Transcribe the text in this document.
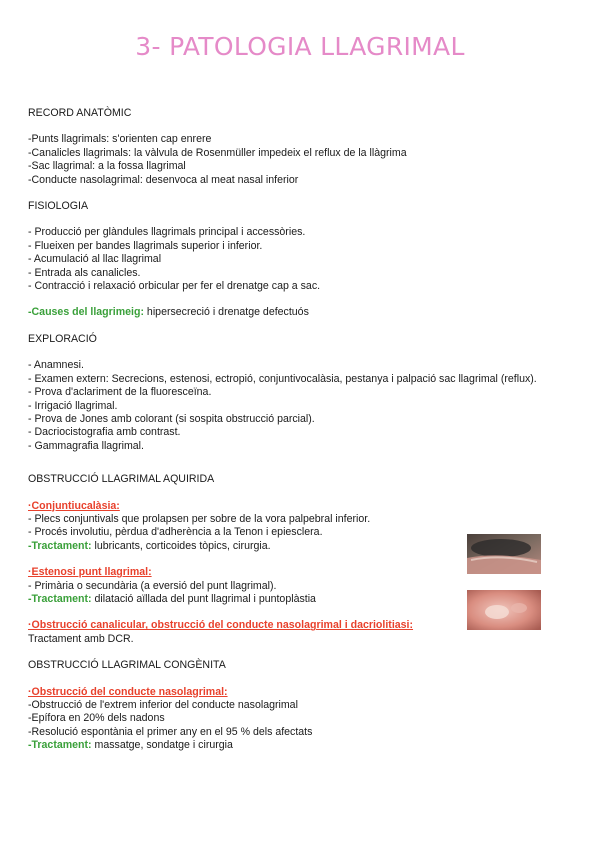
3- PATOLOGIA LLAGRIMAL

RECORD ANATÒMIC

-Punts llagrimals: s'orienten cap enrere

-Canalicles llagrimals: la vàlvula de Rosenmüller impedeix el reflux de la llàgrima

-Sac llagrimal: a la fossa llagrimal

-Conducte nasolagrimal: desenvoca al meat nasal inferior

FISIOLOGIA

- Producció per glàndules llagrimals principal i accessòries.

- Flueixen per bandes llagrimals superior i inferior.

- Acumulació al llac llagrimal

- Entrada als canalicles.

- Contracció i relaxació orbicular per fer el drenatge cap a sac.

-Causes del llagrimeig: hipersecreció i drenatge defectuós

EXPLORACIÓ

- Anamnesi.

- Examen extern: Secrecions, estenosi, ectropió, conjuntivocalàsia, pestanya i palpació sac llagrimal (reflux).

- Prova d'aclariment de la fluoresceïna.

- Irrigació llagrimal.

- Prova de Jones amb colorant (si sospita obstrucció parcial).

- Dacriocistografia amb contrast.

- Gammagrafia llagrimal.

OBSTRUCCIÓ LLAGRIMAL AQUIRIDA

·Conjuntiucalàsia:

- Plecs conjuntivals que prolapsen per sobre de la vora palpebral inferior.

- Procés involutiu, pèrdua d'adherència a la Tenon i epiesclera.

-Tractament: lubricants, corticoides tòpics, cirurgia.

·Estenosi punt llagrimal:

- Primària o secundària (a eversió del punt llagrimal).

-Tractament: dilatació aïllada del punt llagrimal i puntoplàstia

·Obstrucció canalicular, obstrucció del conducte nasolagrimal i dacriolitiasi:

Tractament amb DCR.

OBSTRUCCIÓ LLAGRIMAL CONGÈNITA

·Obstrucció del conducte nasolagrimal:

-Obstrucció de l'extrem inferior del conducte nasolagrimal

-Epífora en 20% dels nadons

-Resolució espontània el primer any en el 95 % dels afectats

-Tractament: massatge, sondatge i cirurgia
